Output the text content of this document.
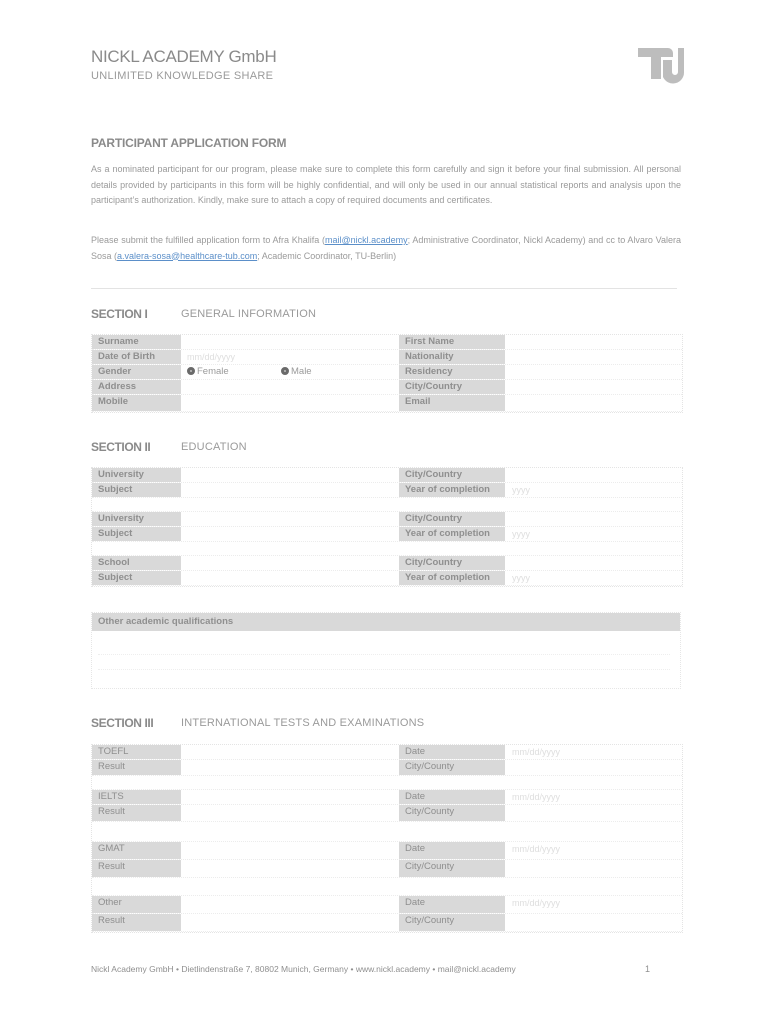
NICKL ACADEMY GmbH
UNLIMITED KNOWLEDGE SHARE
PARTICIPANT APPLICATION FORM
As a nominated participant for our program, please make sure to complete this form carefully and sign it before your final submission. All personal details provided by participants in this form will be highly confidential, and will only be used in our annual statistical reports and analysis upon the participant’s authorization. Kindly, make sure to attach a copy of required documents and certificates.
Please submit the fulfilled application form to Afra Khalifa (mail@nickl.academy; Administrative Coordinator, Nickl Academy) and cc to Alvaro Valera Sosa (a.valera-sosa@healthcare-tub.com; Academic Coordinator, TU-Berlin)
SECTION I	GENERAL INFORMATION
Surname	First Name
Date of Birth	mm/dd/yyyy	Nationality
Gender	Female	Male	Residency
Address	City/Country
Mobile	Email
SECTION II	EDUCATION
University	City/Country
Subject	Year of completion	yyyy
University	City/Country
Subject	Year of completion	yyyy
School	City/Country
Subject	Year of completion	yyyy
Other academic qualifications
SECTION III	INTERNATIONAL TESTS AND EXAMINATIONS
TOEFL	Date	mm/dd/yyyy
Result	City/County
IELTS	Date	mm/dd/yyyy
Result	City/County
GMAT	Date	mm/dd/yyyy
Result	City/County
Other	Date	mm/dd/yyyy
Result	City/County
Nickl Academy GmbH • Dietlindenstraße 7, 80802 Munich, Germany • www.nickl.academy • mail@nickl.academy	1
